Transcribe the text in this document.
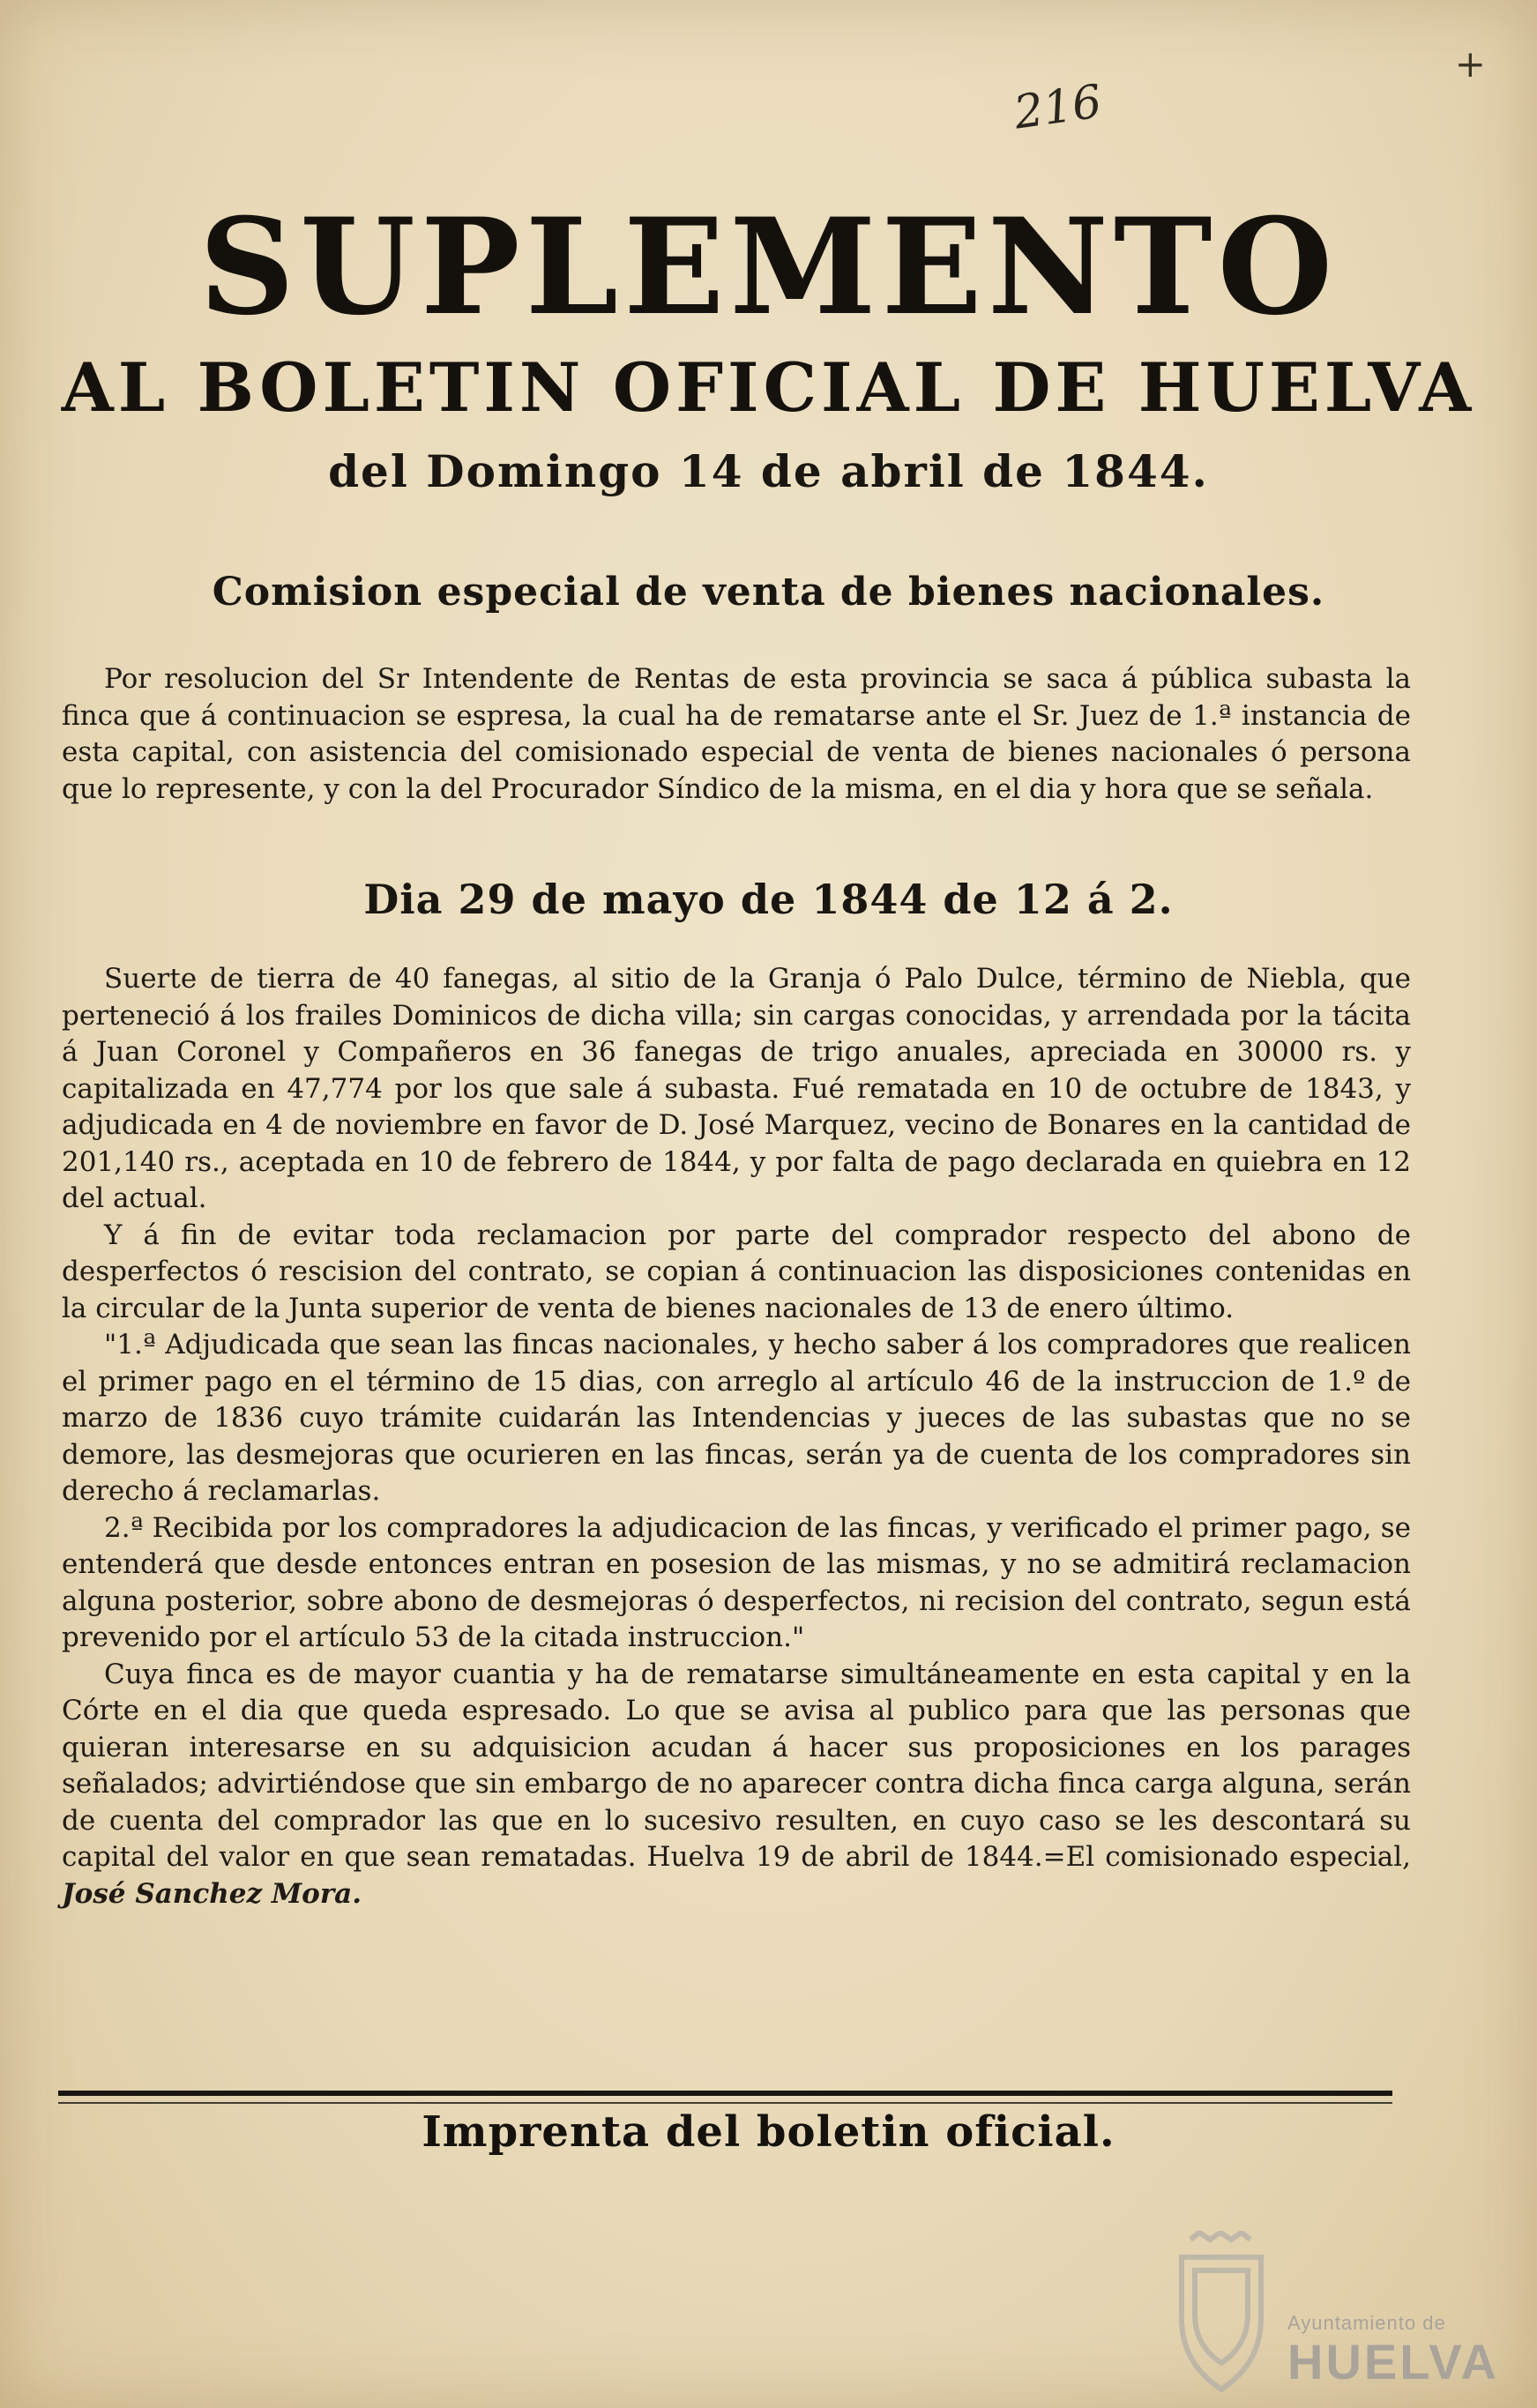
+
216
SUPLEMENTO
AL BOLETIN OFICIAL DE HUELVA
del Domingo 14 de abril de 1844.
Comision especial de venta de bienes nacionales.
Por resolucion del Sr Intendente de Rentas de esta provincia se saca á pública subasta la finca que á continuacion se espresa, la cual ha de rematarse ante el Sr. Juez de 1.ª instancia de esta capital, con asistencia del comisionado especial de venta de bienes nacionales ó persona que lo represente, y con la del Procurador Síndico de la misma, en el dia y hora que se señala.
Dia 29 de mayo de 1844 de 12 á 2.

Suerte de tierra de 40 fanegas, al sitio de la Granja ó Palo Dulce, término de Niebla, que perteneció á los frailes Dominicos de dicha villa; sin cargas conocidas, y arrendada por la tácita á Juan Coronel y Compañeros en 36 fanegas de trigo anuales, apreciada en 30000 rs. y capitalizada en 47,774 por los que sale á subasta. Fué rematada en 10 de octubre de 1843, y adjudicada en 4 de noviembre en favor de D. José Marquez, vecino de Bonares en la cantidad de 201,140 rs., aceptada en 10 de febrero de 1844, y por falta de pago declarada en quiebra en 12 del actual.

Y á fin de evitar toda reclamacion por parte del comprador respecto del abono de desperfectos ó rescision del contrato, se copian á continuacion las disposiciones contenidas en la circular de la Junta superior de venta de bienes nacionales de 13 de enero último.

"1.ª Adjudicada que sean las fincas nacionales, y hecho saber á los compradores que realicen el primer pago en el término de 15 dias, con arreglo al artículo 46 de la instruccion de 1.º de marzo de 1836 cuyo trámite cuidarán las Intendencias y jueces de las subastas que no se demore, las desmejoras que ocurieren en las fincas, serán ya de cuenta de los compradores sin derecho á reclamarlas.

2.ª Recibida por los compradores la adjudicacion de las fincas, y verificado el primer pago, se entenderá que desde entonces entran en posesion de las mismas, y no se admitirá reclamacion alguna posterior, sobre abono de desmejoras ó desperfectos, ni recision del contrato, segun está prevenido por el artículo 53 de la citada instruccion."

Cuya finca es de mayor cuantia y ha de rematarse simultáneamente en esta capital y en la Córte en el dia que queda espresado. Lo que se avisa al publico para que las personas que quieran interesarse en su adquisicion acudan á hacer sus proposiciones en los parages señalados; advirtiéndose que sin embargo de no aparecer contra dicha finca carga alguna, serán de cuenta del comprador las que en lo sucesivo resulten, en cuyo caso se les descontará su capital del valor en que sean rematadas. Huelva 19 de abril de 1844.=El comisionado especial, José Sanchez Mora.

Imprenta del boletin oficial.
Ayuntamiento de
HUELVA
